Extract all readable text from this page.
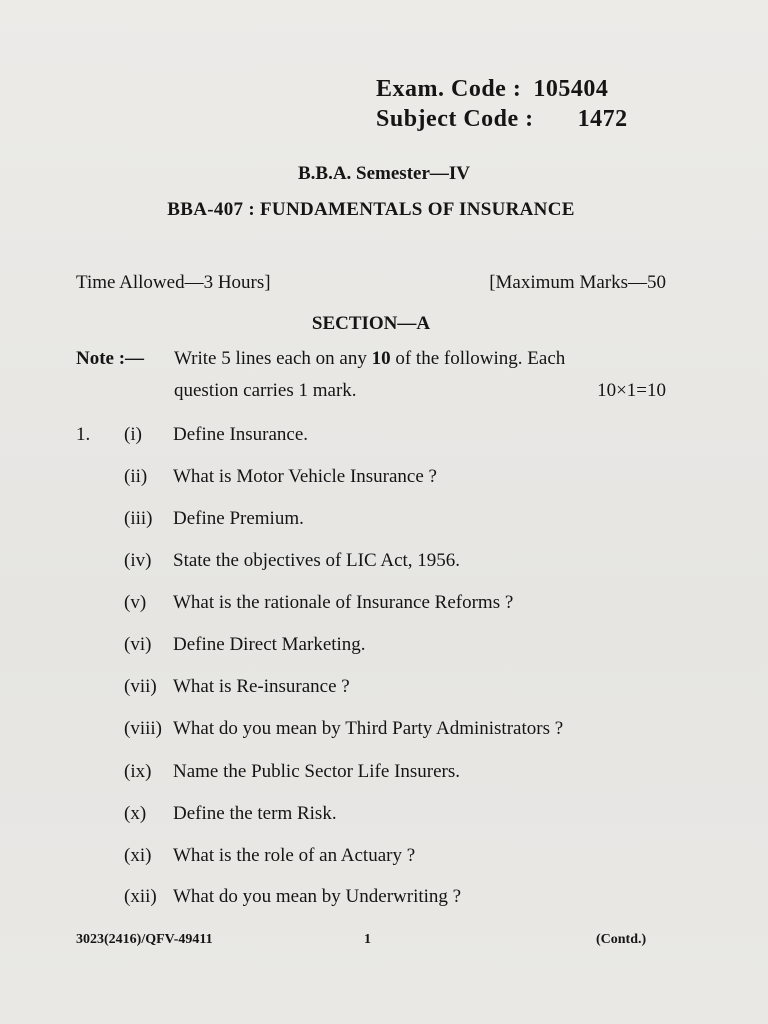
Exam. Code : 105404
Subject Code : 1472
B.B.A. Semester—IV
BBA-407 : FUNDAMENTALS OF INSURANCE
Time Allowed—3 Hours]	[Maximum Marks—50
SECTION—A
Note :— Write 5 lines each on any 10 of the following. Each
question carries 1 mark.	10×1=10
1. (i) Define Insurance.
(ii) What is Motor Vehicle Insurance ?
(iii) Define Premium.
(iv) State the objectives of LIC Act, 1956.
(v) What is the rationale of Insurance Reforms ?
(vi) Define Direct Marketing.
(vii) What is Re-insurance ?
(viii) What do you mean by Third Party Administrators ?
(ix) Name the Public Sector Life Insurers.
(x) Define the term Risk.
(xi) What is the role of an Actuary ?
(xii) What do you mean by Underwriting ?
3023(2416)/QFV-49411	1	(Contd.)
